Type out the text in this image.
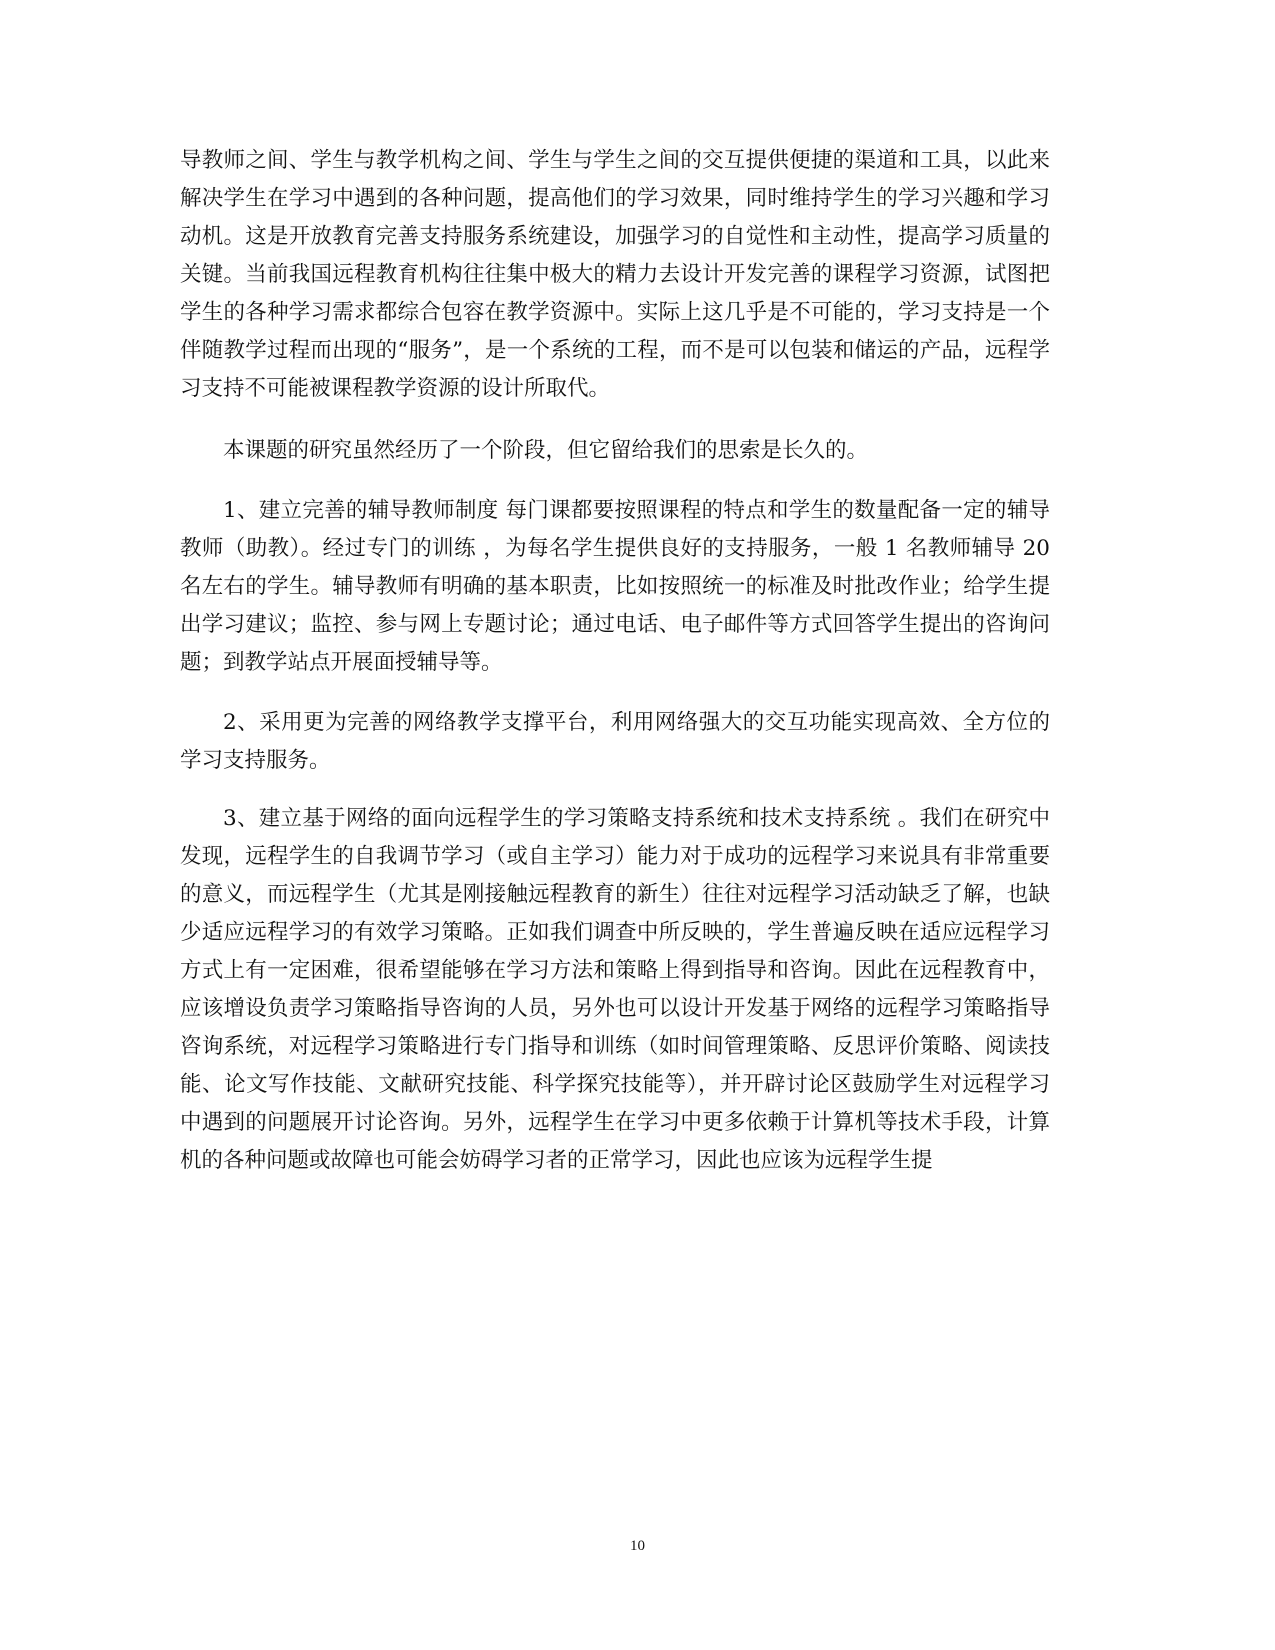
导教师之间、学生与教学机构之间、学生与学生之间的交互提供便捷的渠道和工具，以此来解决学生在学习中遇到的各种问题，提高他们的学习效果，同时维持学生的学习兴趣和学习动机。这是开放教育完善支持服务系统建设，加强学习的自觉性和主动性，提高学习质量的关键。当前我国远程教育机构往往集中极大的精力去设计开发完善的课程学习资源，试图把学生的各种学习需求都综合包容在教学资源中。实际上这几乎是不可能的，学习支持是一个伴随教学过程而出现的“服务”，是一个系统的工程，而不是可以包装和储运的产品，远程学习支持不可能被课程教学资源的设计所取代。

本课题的研究虽然经历了一个阶段，但它留给我们的思索是长久的。

1、建立完善的辅导教师制度 每门课都要按照课程的特点和学生的数量配备一定的辅导教师（助教）。经过专门的训练 ，为每名学生提供良好的支持服务，一般 1 名教师辅导 20 名左右的学生。辅导教师有明确的基本职责，比如按照统一的标准及时批改作业；给学生提出学习建议；监控、参与网上专题讨论；通过电话、电子邮件等方式回答学生提出的咨询问题；到教学站点开展面授辅导等。

2、采用更为完善的网络教学支撑平台，利用网络强大的交互功能实现高效、全方位的学习支持服务。

3、建立基于网络的面向远程学生的学习策略支持系统和技术支持系统 。我们在研究中发现，远程学生的自我调节学习（或自主学习）能力对于成功的远程学习来说具有非常重要的意义，而远程学生（尤其是刚接触远程教育的新生）往往对远程学习活动缺乏了解，也缺少适应远程学习的有效学习策略。正如我们调查中所反映的，学生普遍反映在适应远程学习方式上有一定困难，很希望能够在学习方法和策略上得到指导和咨询。因此在远程教育中，应该增设负责学习策略指导咨询的人员，另外也可以设计开发基于网络的远程学习策略指导咨询系统，对远程学习策略进行专门指导和训练（如时间管理策略、反思评价策略、阅读技能、论文写作技能、文献研究技能、科学探究技能等），并开辟讨论区鼓励学生对远程学习中遇到的问题展开讨论咨询。另外，远程学生在学习中更多依赖于计算机等技术手段，计算机的各种问题或故障也可能会妨碍学习者的正常学习，因此也应该为远程学生提

10
